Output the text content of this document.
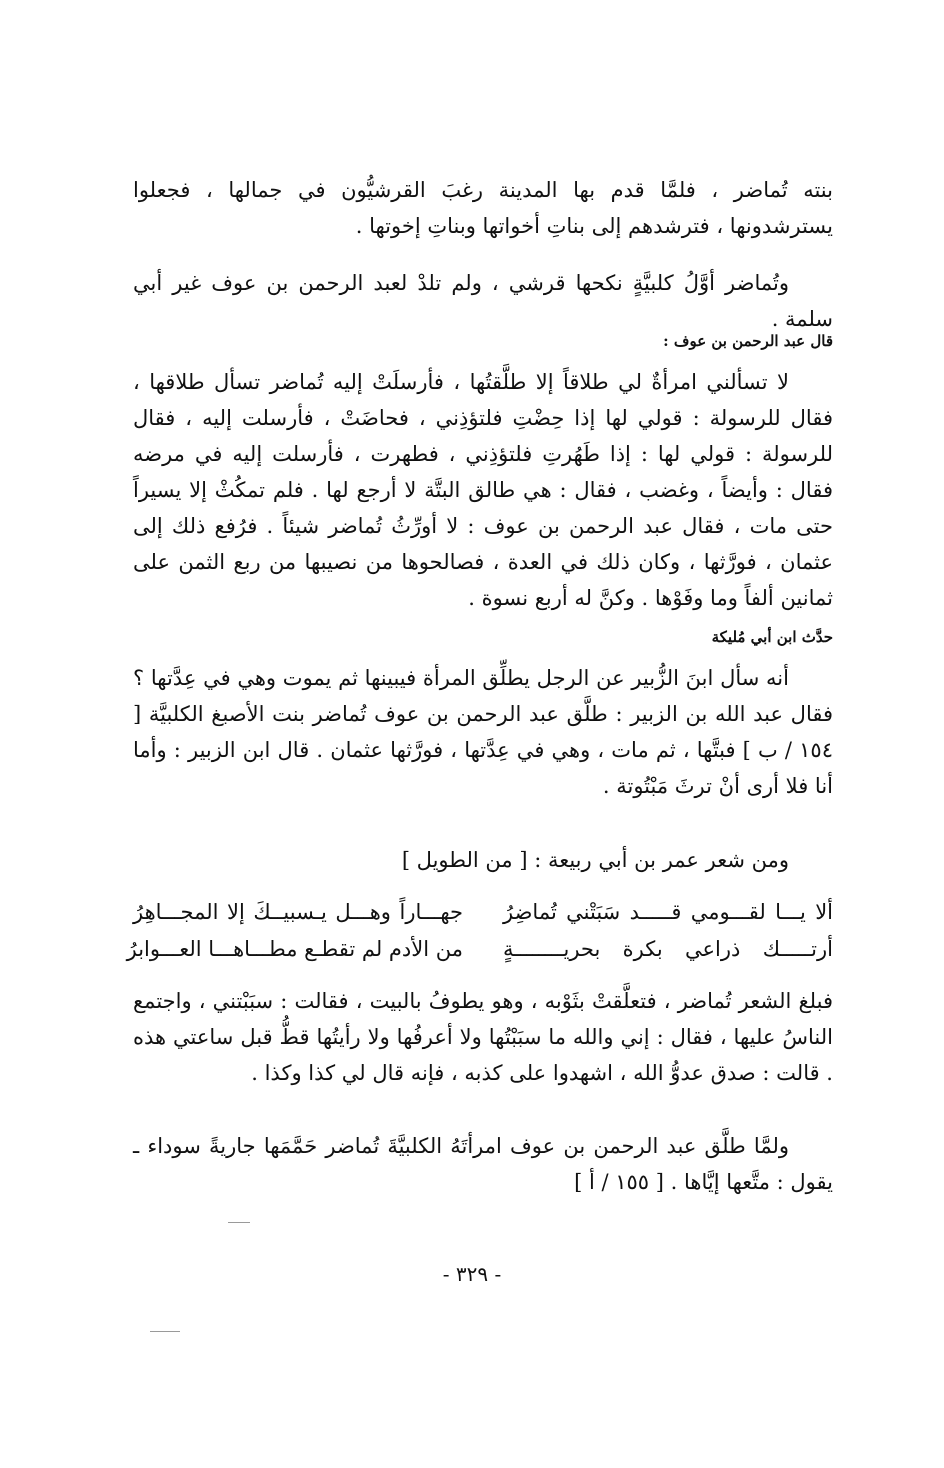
بنته تُماضر ، فلمَّا قدم بها المدينة رغبَ القرشيُّون في جمالها ، فجعلوا يسترشدونها ، فترشدهم إلى بناتِ أخواتها وبناتِ إخوتها .

وتُماضر أوَّلُ كلبيَّةٍ نكحها قرشي ، ولم تلدْ لعبد الرحمن بن عوف غير أبي سلمة .

قال عبد الرحمن بن عوف :

لا تسألني امرأةٌ لي طلاقاً إلا طلَّقتُها ، فأرسلَتْ إليه تُماضر تسأل طلاقها ، فقال للرسولة : قولي لها إذا حِضْتِ فلتؤذِني ، فحاضَتْ ، فأرسلت إليه ، فقال للرسولة : قولي لها : إذا طَهُرتِ فلتؤذِني ، فطهرت ، فأرسلت إليه في مرضه فقال : وأيضاً ، وغضب ، فقال : هي طالق البتَّة لا أرجع لها . فلم تمكُثْ إلا يسيراً حتى مات ، فقال عبد الرحمن بن عوف : لا أورِّثُ تُماضر شيئاً . فرُفع ذلك إلى عثمان ، فورَّثها ، وكان ذلك في العدة ، فصالحوها من نصيبها من ربع الثمن على ثمانين ألفاً وما وفَوْها . وكنَّ له أربع نسوة .

حدَّث ابن أبي مُليكة

أنه سأل ابنَ الزُّبير عن الرجل يطلِّق المرأة فيبينها ثم يموت وهي في عِدَّتها ؟ فقال عبد الله بن الزبير : طلَّق عبد الرحمن بن عوف تُماضر بنت الأصبغ الكلبيَّة [ ١٥٤ / ب ] فبتَّها ، ثم مات ، وهي في عِدَّتها ، فورَّثها عثمان . قال ابن الزبير : وأما أنا فلا أرى أنْ ترثَ مَبْتُوتة .

ومن شعر عمر بن أبي ربيعة : [ من الطويل ]

ألا يـــا لقـــومي قـــــد سَبَتْني تُماضِرُ
جهـــاراً وهـــل يـسبيــكَ إلا المجـــاهِرُ
أرتـــــك ذراعي بكرة بحريــــــــةٍ
من الأدم لم تقطـع مطـــاهـــا العـــوابرُ

فبلغ الشعر تُماضر ، فتعلَّقتْ بثَوْبه ، وهو يطوفُ بالبيت ، فقالت : سبَبْتني ، واجتمع الناسُ عليها ، فقال : إني والله ما سبَبْتُها ولا أعرفُها ولا رأيتُها قطُّ قبل ساعتي هذه . قالت : صدق عدوُّ الله ، اشهدوا على كذبه ، فإنه قال لي كذا وكذا .

ولمَّا طلَّق عبد الرحمن بن عوف امرأتَهُ الكلبيَّةَ تُماضر حَمَّمَها جاريةً سوداء ـ يقول : متَّعها إيَّاها . [ ١٥٥ / أ ]

- ٣٢٩ -
